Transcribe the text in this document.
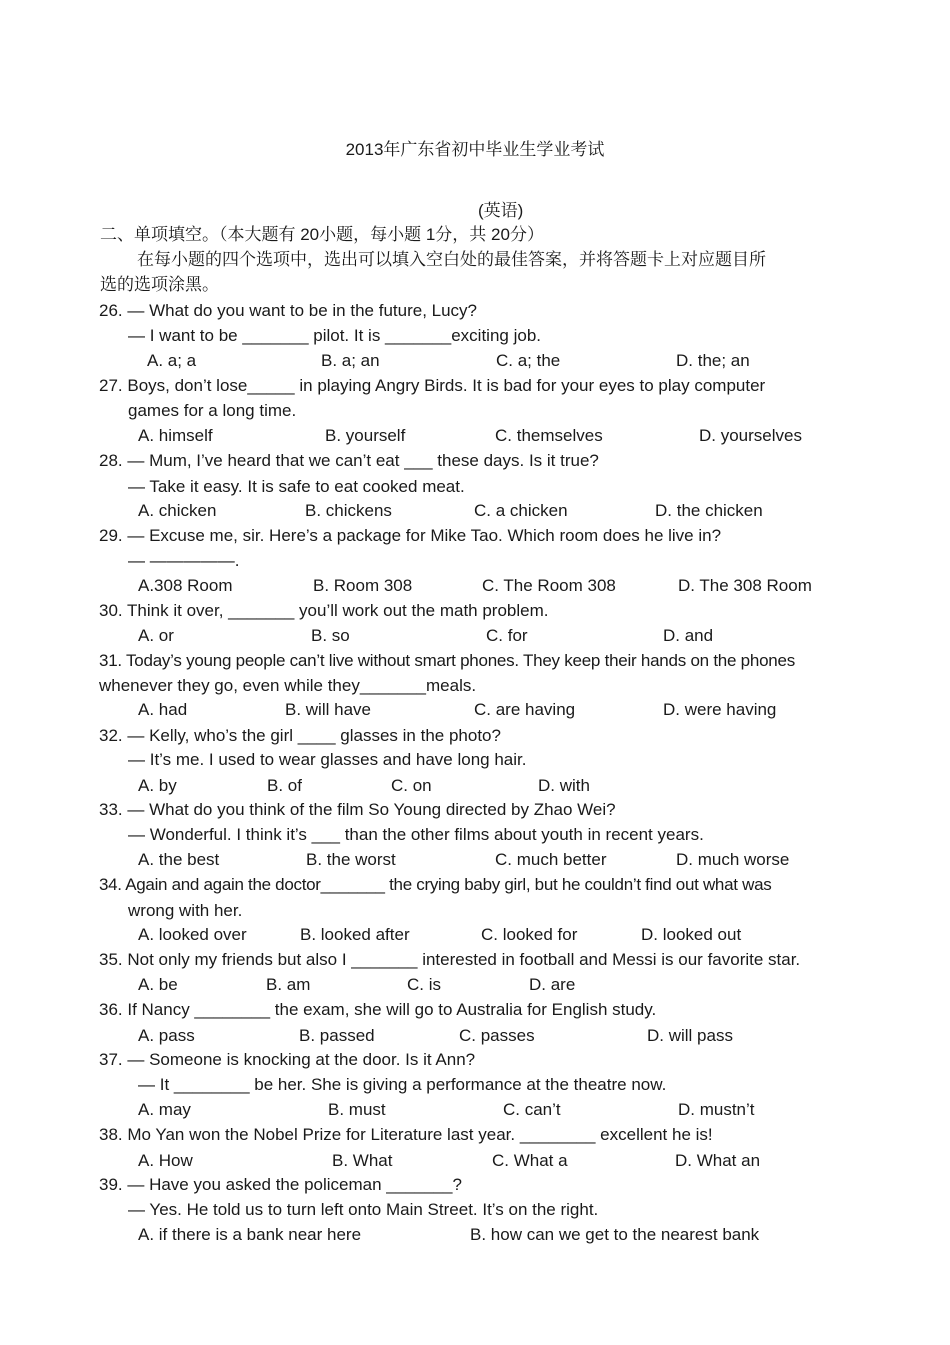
2013年广东省初中毕业生学业考试
(英语)
二、单项填空。（本大题有 20小题，每小题 1分，共 20分）
在每小题的四个选项中，选出可以填入空白处的最佳答案，并将答题卡上对应题目所
选的选项涂黑。
26. — What do you want to be in the future, Lucy?
— I want to be _______ pilot. It is _______exciting job.
A. a; a	B. a; an	C. a; the	D. the; an
27. Boys, don’t lose_____ in playing Angry Birds. It is bad for your eyes to play computer
games for a long time.
A. himself	B. yourself	C. themselves	D. yourselves
28. — Mum, I’ve heard that we can’t eat ___ these days. Is it true?
— Take it easy. It is safe to eat cooked meat.
A. chicken	B. chickens	C. a chicken	D. the chicken
29. — Excuse me, sir. Here’s a package for Mike Tao. Which room does he live in?
— —————.
A.308 Room	B. Room 308	C. The Room 308	D. The 308 Room
30. Think it over, _______ you’ll work out the math problem.
A. or	B. so	C. for	D. and
31. Today’s young people can’t live without smart phones. They keep their hands on the phones
whenever they go, even while they_______meals.
A. had	B. will have	C. are having	D. were having
32. — Kelly, who’s the girl ____ glasses in the photo?
— It’s me. I used to wear glasses and have long hair.
A. by	B. of	C. on	D. with
33. — What do you think of the film So Young directed by Zhao Wei?
— Wonderful. I think it’s ___ than the other films about youth in recent years.
A. the best	B. the worst	C. much better	D. much worse
34. Again and again the doctor_______ the crying baby girl, but he couldn’t find out what was
wrong with her.
A. looked over	B. looked after	C. looked for	D. looked out
35. Not only my friends but also I _______ interested in football and Messi is our favorite star.
A. be	B. am	C. is	D. are
36. If Nancy ________ the exam, she will go to Australia for English study.
A. pass	B. passed	C. passes	D. will pass
37. — Someone is knocking at the door. Is it Ann?
— It ________ be her. She is giving a performance at the theatre now.
A. may	B. must	C. can’t	D. mustn’t
38. Mo Yan won the Nobel Prize for Literature last year. ________ excellent he is!
A. How	B. What	C. What a	D. What an
39. — Have you asked the policeman _______?
— Yes. He told us to turn left onto Main Street. It’s on the right.
A. if there is a bank near here	B. how can we get to the nearest bank
